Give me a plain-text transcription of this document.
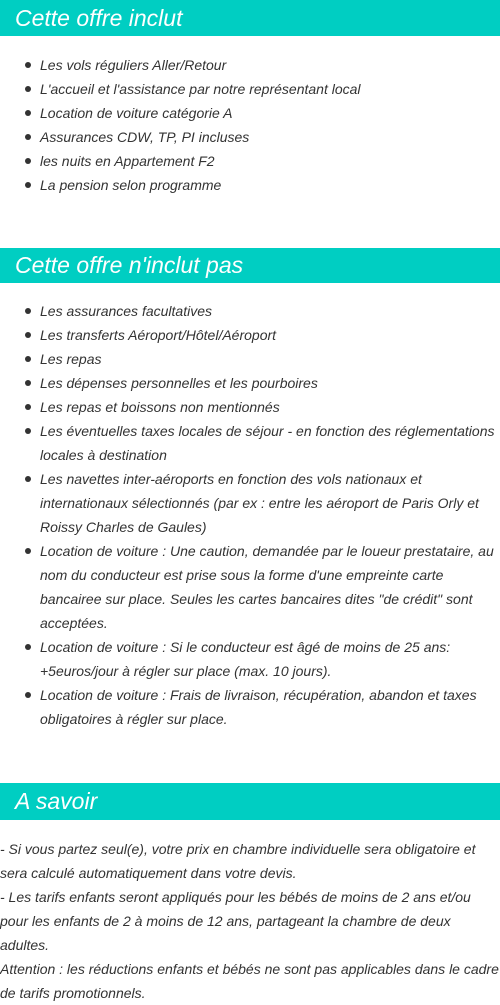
Cette offre inclut
Les vols réguliers Aller/Retour
L'accueil et l'assistance par notre représentant local
Location de voiture catégorie A
Assurances CDW, TP, PI incluses
les nuits en Appartement F2
La pension selon programme
Cette offre n'inclut pas
Les assurances facultatives
Les transferts Aéroport/Hôtel/Aéroport
Les repas
Les dépenses personnelles et les pourboires
Les repas et boissons non mentionnés
Les éventuelles taxes locales de séjour - en fonction des réglementations locales à destination
Les navettes inter-aéroports en fonction des vols nationaux et internationaux sélectionnés (par ex : entre les aéroport de Paris Orly et Roissy Charles de Gaules)
Location de voiture : Une caution, demandée par le loueur prestataire, au nom du conducteur est prise sous la forme d'une empreinte carte bancairee sur place. Seules les cartes bancaires dites "de crédit" sont acceptées.
Location de voiture : Si le conducteur est âgé de moins de 25 ans: +5euros/jour à régler sur place (max. 10 jours).
Location de voiture : Frais de livraison, récupération, abandon et taxes obligatoires à régler sur place.
A savoir

- Si vous partez seul(e), votre prix en chambre individuelle sera obligatoire et sera calculé automatiquement dans votre devis.

- Les tarifs enfants seront appliqués pour les bébés de moins de 2 ans et/ou pour les enfants de 2 à moins de 12 ans, partageant la chambre de deux adultes.

Attention : les réductions enfants et bébés ne sont pas applicables dans le cadre de tarifs promotionnels.
